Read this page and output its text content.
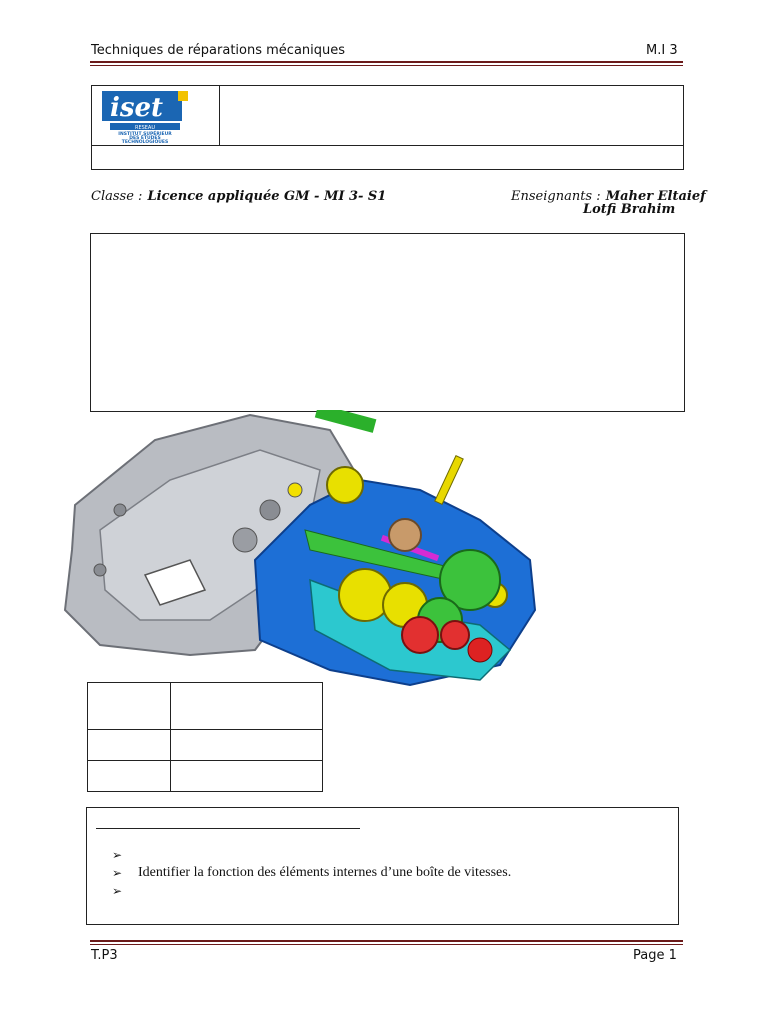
Techniques de réparations mécaniques	M.I 3
iset
RESEAU
INSTITUT SUPÉRIEUR
DES ÉTUDES
TECHNOLOGIQUES
Classe : Licence appliquée GM - MI 3- S1	Enseignants : Maher Eltaief
Lotfi Brahim

➢
➢	Identifier la fonction des éléments internes d’une boîte de vitesses.
➢
T.P3	Page 1
